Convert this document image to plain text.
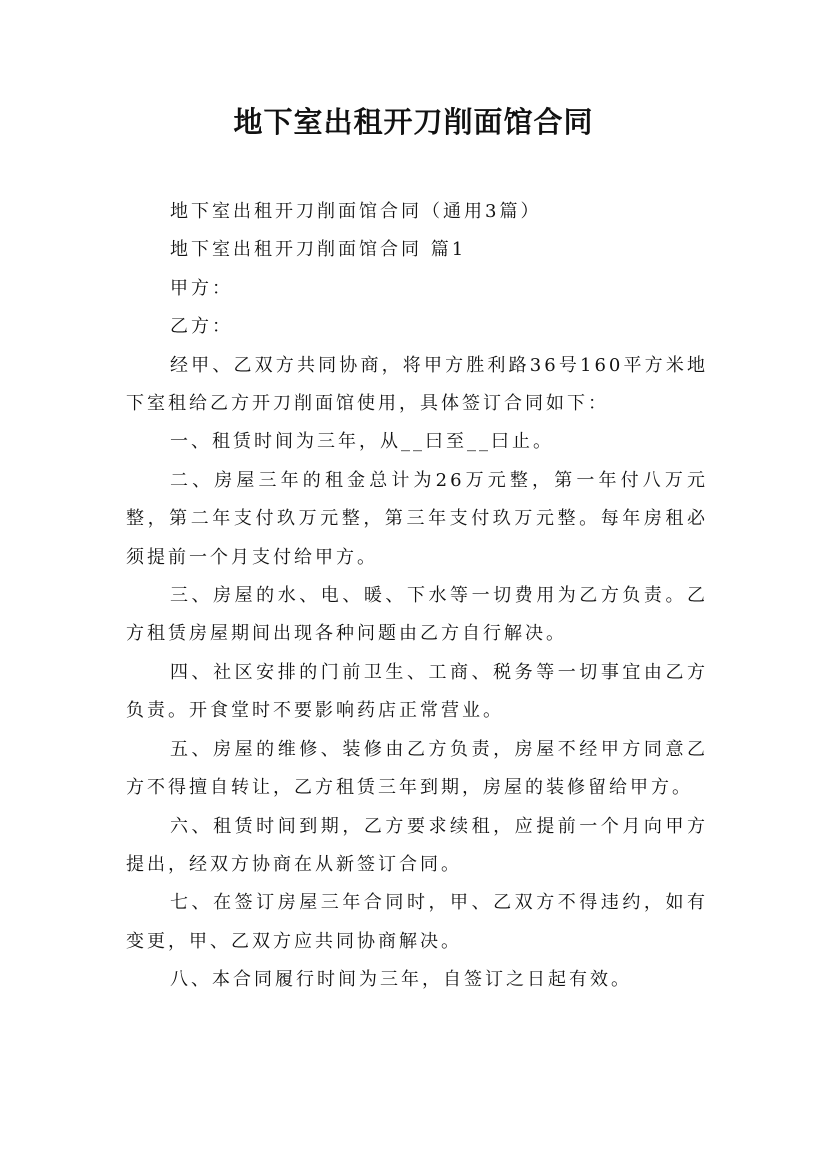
地下室出租开刀削面馆合同

地下室出租开刀削面馆合同（通用3篇）

地下室出租开刀削面馆合同 篇1

甲方：

乙方：

经甲、乙双方共同协商，将甲方胜利路36号160平方米地下室租给乙方开刀削面馆使用，具体签订合同如下：

一、租赁时间为三年，从__曰至__曰止。

二、房屋三年的租金总计为26万元整，第一年付八万元整，第二年支付玖万元整，第三年支付玖万元整。每年房租必须提前一个月支付给甲方。

三、房屋的水、电、暖、下水等一切费用为乙方负责。乙方租赁房屋期间出现各种问题由乙方自行解决。

四、社区安排的门前卫生、工商、税务等一切事宜由乙方负责。开食堂时不要影响药店正常营业。

五、房屋的维修、装修由乙方负责，房屋不经甲方同意乙方不得擅自转让，乙方租赁三年到期，房屋的装修留给甲方。

六、租赁时间到期，乙方要求续租，应提前一个月向甲方提出，经双方协商在从新签订合同。

七、在签订房屋三年合同时，甲、乙双方不得违约，如有变更，甲、乙双方应共同协商解决。

八、本合同履行时间为三年，自签订之日起有效。
